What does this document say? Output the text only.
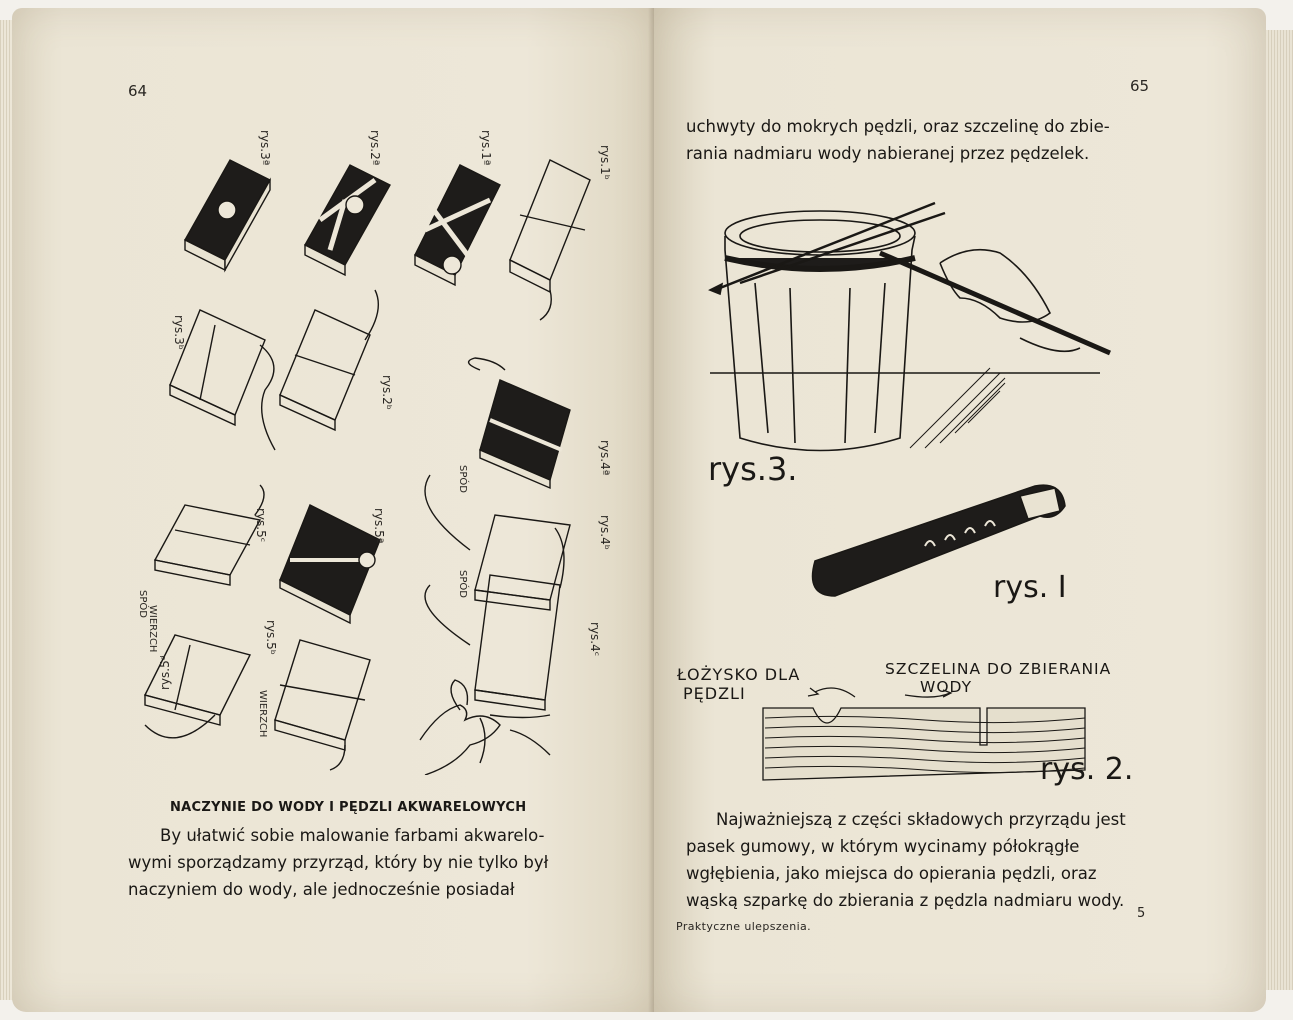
64
SPÓD
SPÓD
SPÓD
WIERZCH
WIERZCH
rys.3ª	rys.2ª	rys.1ª	rys.1ᵇ
rys.3ᵇ
rys.2ᵇ
rys.4ª
rys.5ᶜ	rys.5ª	rys.4ᵇ
rys.5ᵇ	rys.4ᶜ
rys.5ᵈ
NACZYNIE DO WODY I PĘDZLI AKWARELOWYCH
By ułatwić sobie malowanie farbami akwarelo-
wymi sporządzamy przyrząd, który by nie tylko był
naczyniem do wody, ale jednocześnie posiadał
65
uchwyty do mokrych pędzli, oraz szczelinę do zbie-
rania nadmiaru wody nabieranej przez pędzelek.
rys.3.
rys. I
ŁOŻYSKO DLA
PĘDZLI
SZCZELINA DO ZBIERANIA
WODY
rys. 2.
Najważniejszą z części składowych przyrządu jest
pasek gumowy, w którym wycinamy półokrągłe
wgłębienia, jako miejsca do opierania pędzli, oraz
wąską szparkę do zbierania z pędzla nadmiaru wody.
Praktyczne ulepszenia.
5
